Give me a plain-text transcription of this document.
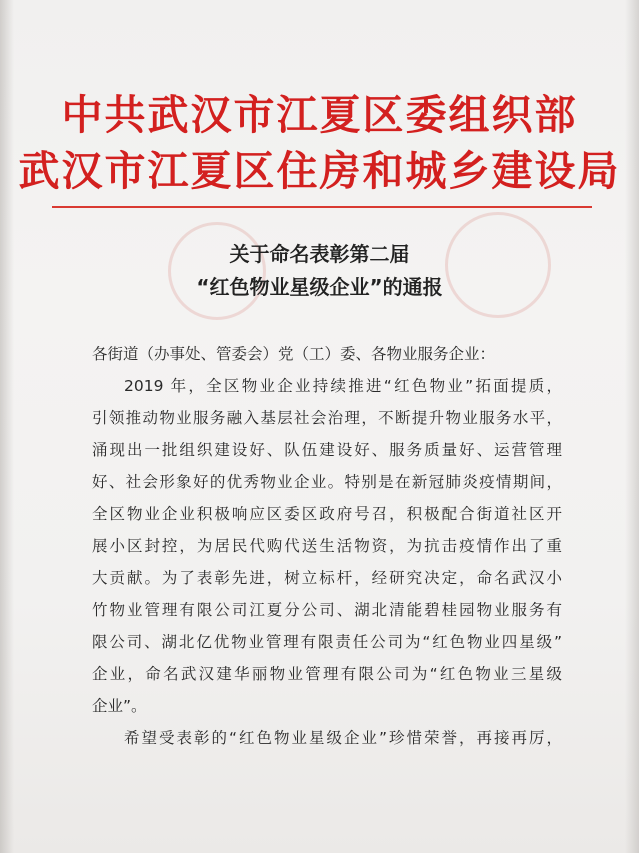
中共武汉市江夏区委组织部
武汉市江夏区住房和城乡建设局
关于命名表彰第二届
“红色物业星级企业”的通报
各街道（办事处、管委会）党（工）委、各物业服务企业：
2019 年，全区物业企业持续推进“红色物业”拓面提质，
引领推动物业服务融入基层社会治理，不断提升物业服务水平，
涌现出一批组织建设好、队伍建设好、服务质量好、运营管理
好、社会形象好的优秀物业企业。特别是在新冠肺炎疫情期间，
全区物业企业积极响应区委区政府号召，积极配合街道社区开
展小区封控，为居民代购代送生活物资，为抗击疫情作出了重
大贡献。为了表彰先进，树立标杆，经研究决定，命名武汉小
竹物业管理有限公司江夏分公司、湖北清能碧桂园物业服务有
限公司、湖北亿优物业管理有限责任公司为“红色物业四星级”
企业，命名武汉建华丽物业管理有限公司为“红色物业三星级
企业”。
希望受表彰的“红色物业星级企业”珍惜荣誉，再接再厉，
